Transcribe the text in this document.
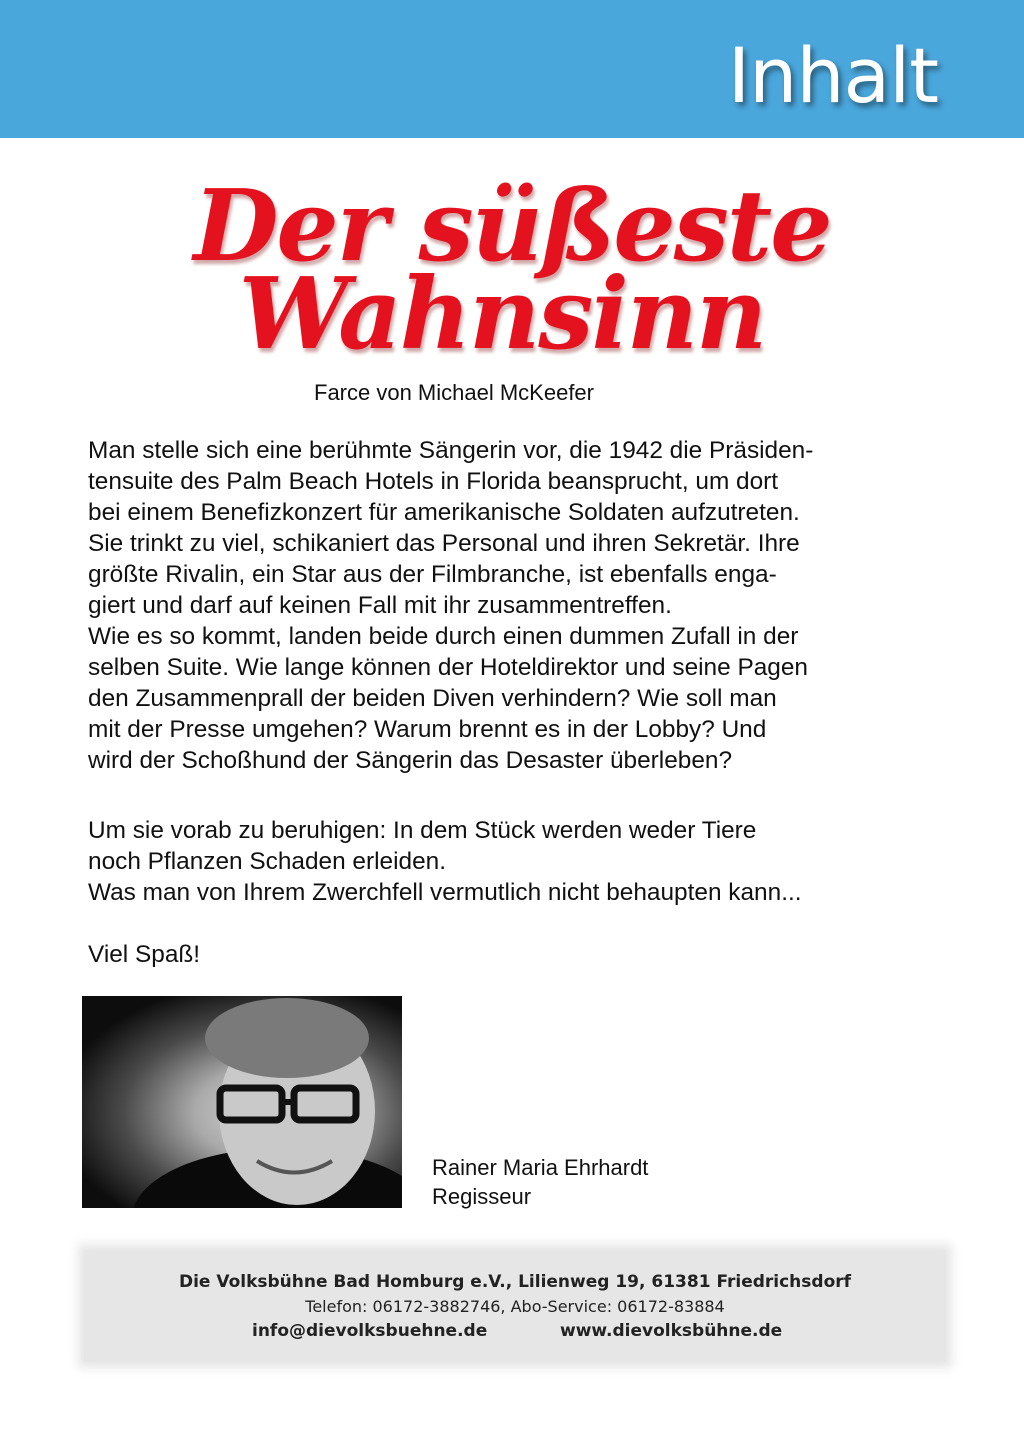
Inhalt
Der süßeste
Wahnsinn
Farce von Michael McKeefer
Man stelle sich eine berühmte Sängerin vor, die 1942 die Präsiden-
tensuite des Palm Beach Hotels in Florida beansprucht, um dort
bei einem Benefizkonzert für amerikanische Soldaten aufzutreten.
Sie trinkt zu viel, schikaniert das Personal und ihren Sekretär. Ihre
größte Rivalin, ein Star aus der Filmbranche, ist ebenfalls enga-
giert und darf auf keinen Fall mit ihr zusammentreffen.
Wie es so kommt, landen beide durch einen dummen Zufall in der
selben Suite. Wie lange können der Hoteldirektor und seine Pagen
den Zusammenprall der beiden Diven verhindern? Wie soll man
mit der Presse umgehen? Warum brennt es in der Lobby? Und
wird der Schoßhund der Sängerin das Desaster überleben?
Um sie vorab zu beruhigen: In dem Stück werden weder Tiere
noch Pflanzen Schaden erleiden.
Was man von Ihrem Zwerchfell vermutlich nicht behaupten kann...
Viel Spaß!
Rainer Maria Ehrhardt
Regisseur
Die Volksbühne Bad Homburg e.V., Lilienweg 19, 61381 Friedrichsdorf
Telefon: 06172-3882746, Abo-Service: 06172-83884
info@dievolksbuehne.de	www.dievolksbühne.de
